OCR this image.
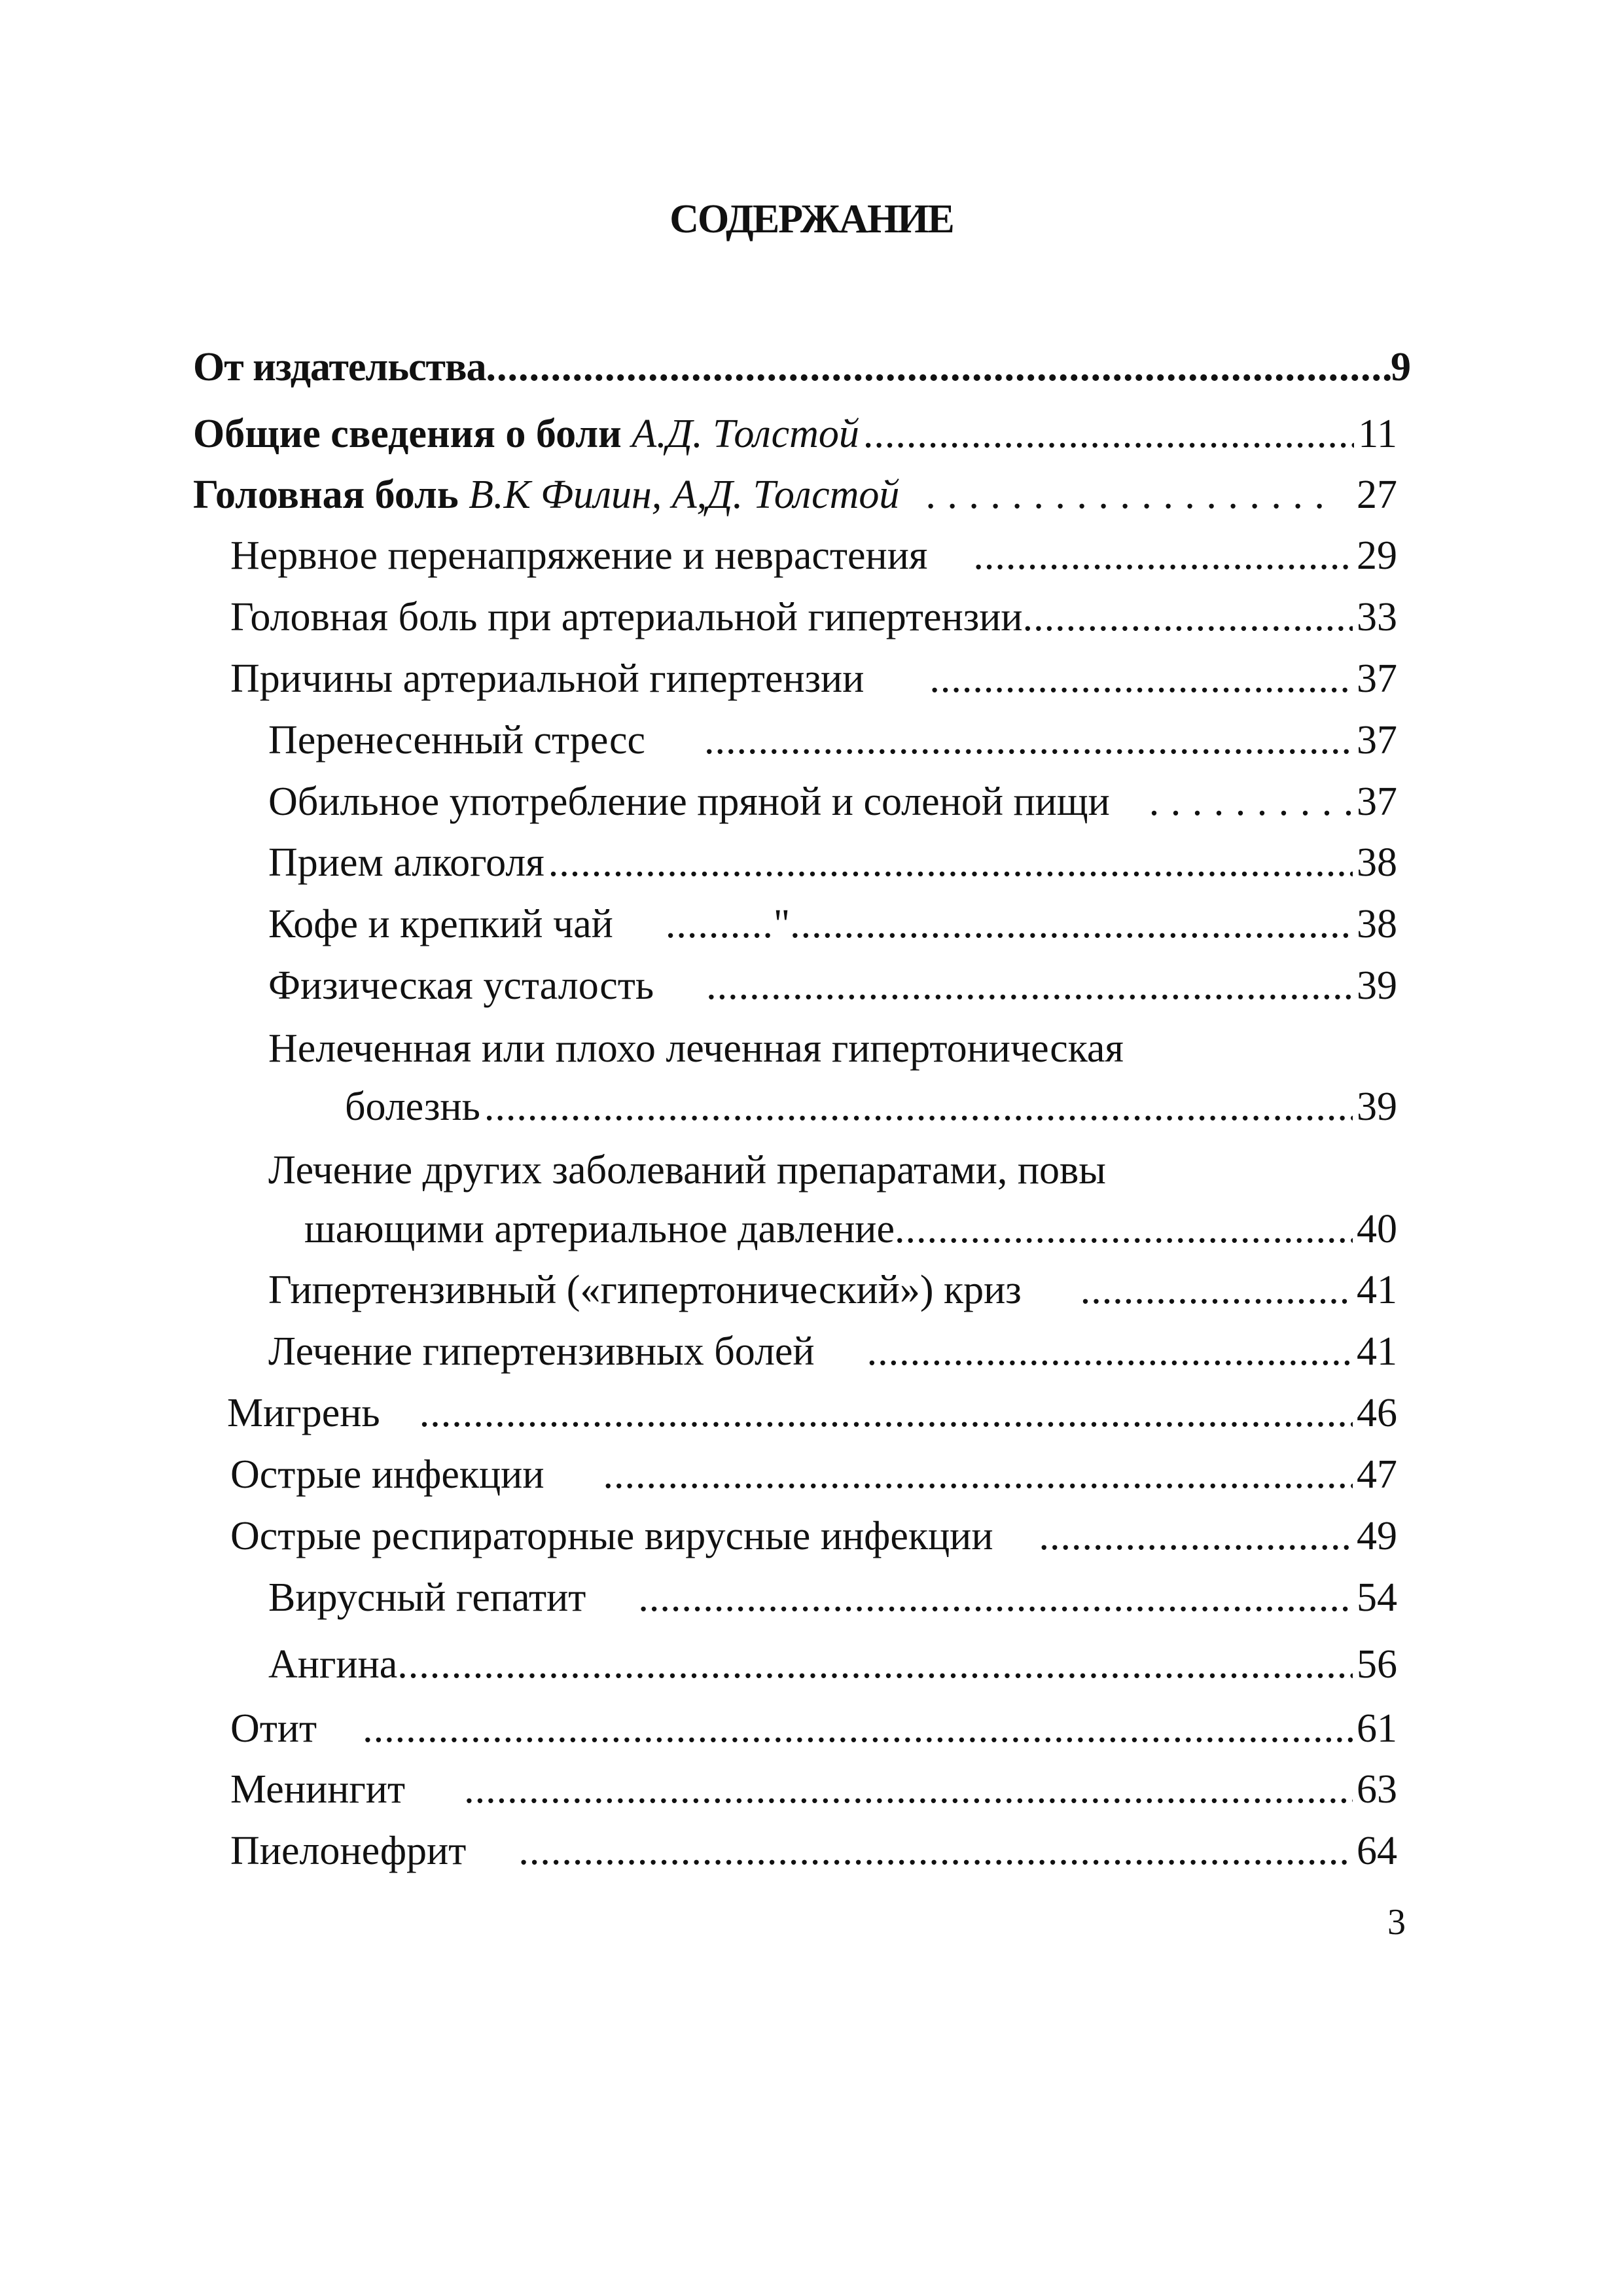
СОДЕРЖАНИЕ
От издательства .....	9
Общие сведения о боли А.Д. Толстой .....	11
Головная боль В.К Филин, А,Д. Толстой . . .	27
Нервное перенапряжение и неврастения .....	29
Головная боль при артериальной гипертензии .....	33
Причины артериальной гипертензии .....	37
Перенесенный стресс .....	37
Обильное употребление пряной и соленой пищи . . .	37
Прием алкоголя .....	38
Кофе и крепкий чай .......... " .....	38
Физическая усталость .....	39
Нелеченная или плохо леченная гипертоническая
болезнь .....	39
Лечение других заболеваний препаратами, повы
шающими артериальное давление .....	40
Гипертензивный («гипертонический») криз .....	41
Лечение гипертензивных болей .....	41
Мигрень .....	46
Острые инфекции .....	47
Острые респираторные вирусные инфекции .....	49
Вирусный гепатит .....	54
Ангина .....	56
Отит .....	61
Менингит .....	63
Пиелонефрит .....	64
3
